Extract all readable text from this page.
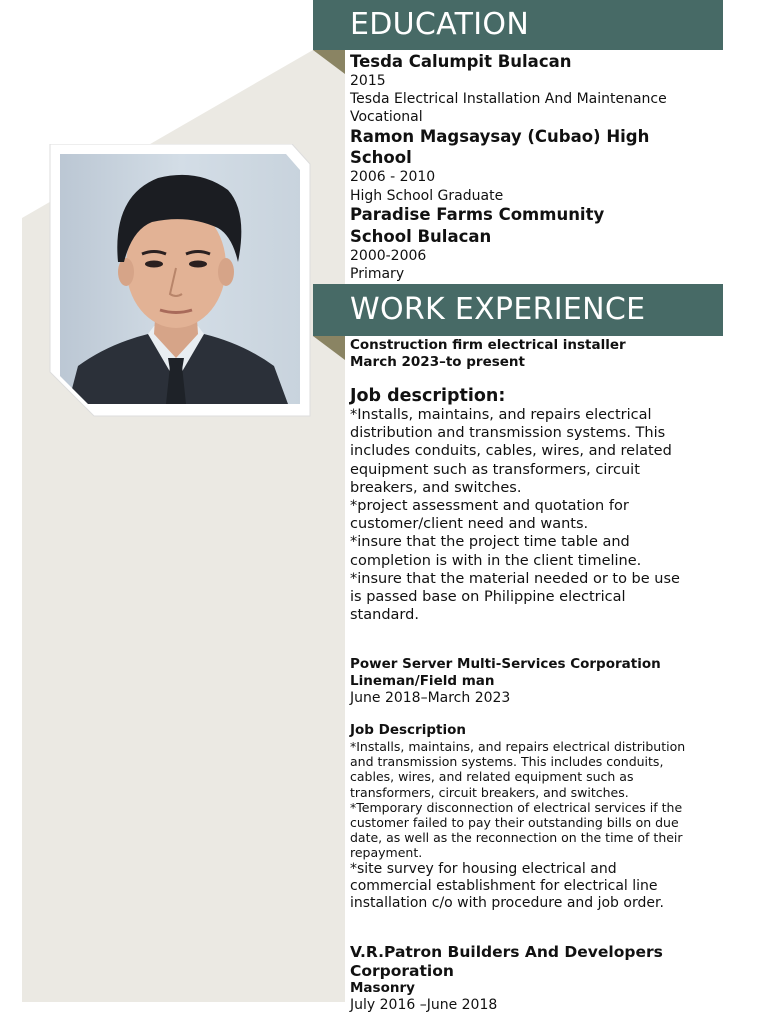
EDUCATION
Tesda Calumpit Bulacan
2015
Tesda Electrical Installation And Maintenance
Vocational
Ramon Magsaysay (Cubao) High
School
2006 - 2010
High School Graduate
Paradise Farms Community
School Bulacan
2000-2006
Primary
WORK EXPERIENCE
Construction firm electrical installer
March 2023–to present
Job description:
*Installs, maintains, and repairs electrical
distribution and transmission systems. This
includes conduits, cables, wires, and related
equipment such as transformers, circuit
breakers, and switches.
*project assessment and quotation for
customer/client need and wants.
*insure that the project time table and
completion is with in the client timeline.
*insure that the material needed or to be use
is passed base on Philippine electrical
standard.
Power Server Multi-Services Corporation
Lineman/Field man
June 2018–March 2023
Job Description
*Installs, maintains, and repairs electrical distribution
and transmission systems. This includes conduits,
cables, wires, and related equipment such as
transformers, circuit breakers, and switches.
*Temporary disconnection of electrical services if the
customer failed to pay their outstanding bills on due
date, as well as the reconnection on the time of their
repayment.
*site survey for housing electrical and
commercial establishment for electrical line
installation c/o with procedure and job order.
V.R.Patron Builders And Developers
Corporation
Masonry
July 2016 –June 2018
